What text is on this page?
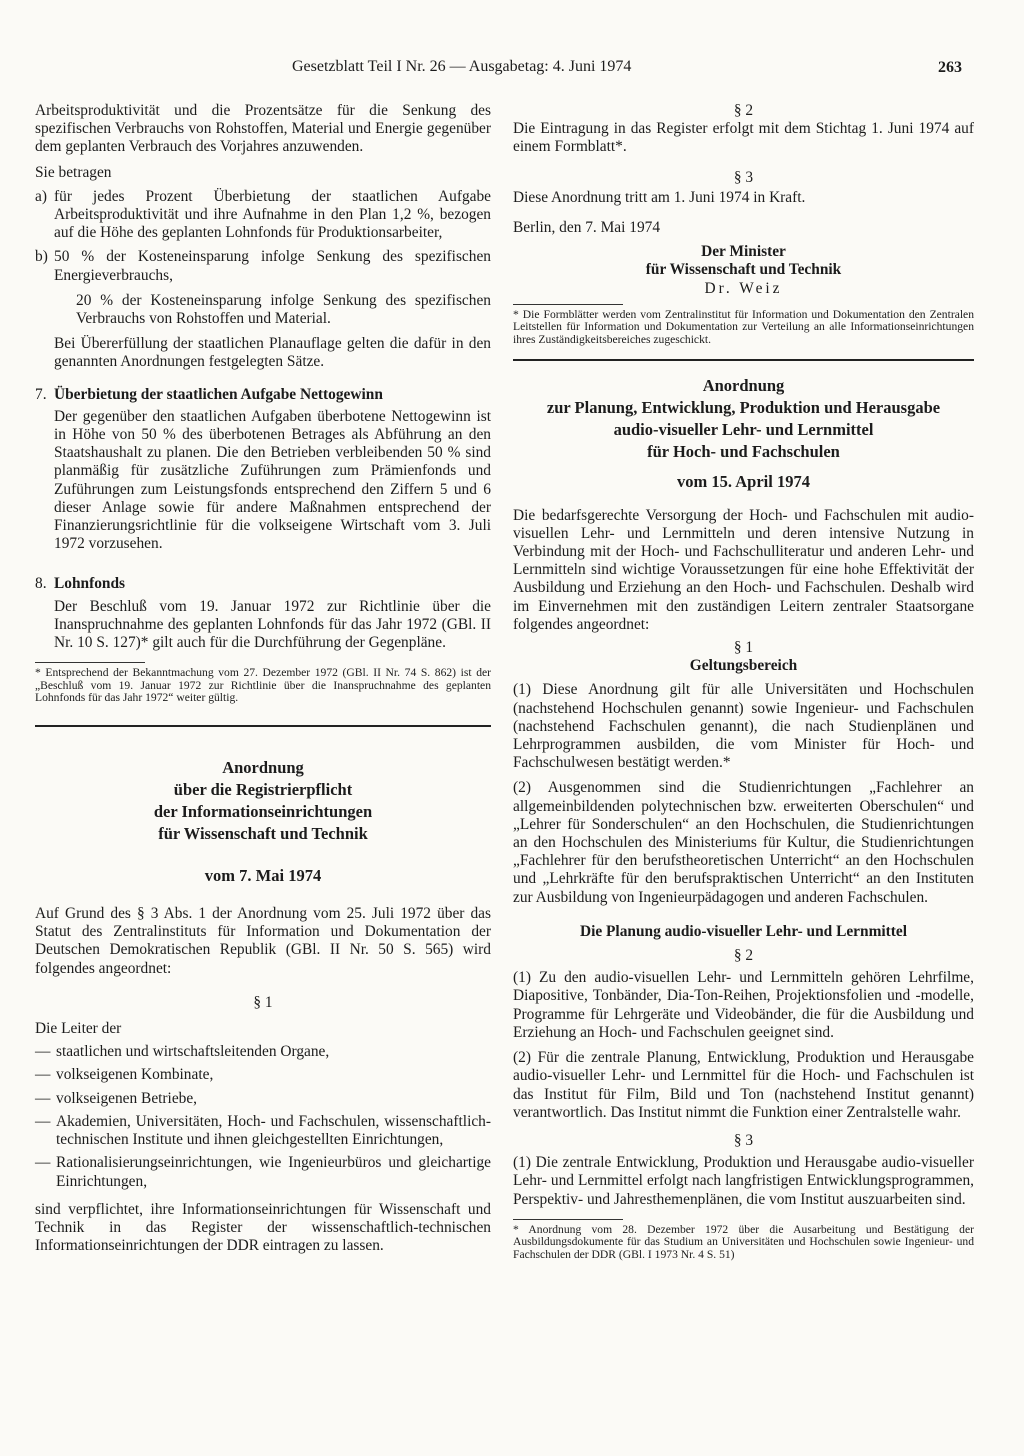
Gesetzblatt Teil I Nr. 26 — Ausgabetag: 4. Juni 1974	263

Arbeitsproduktivität und die Prozentsätze für die Senkung des spezifischen Verbrauchs von Rohstoffen, Material und Energie gegenüber dem geplanten Verbrauch des Vorjahres anzuwenden.

Sie betragen

a) für jedes Prozent Überbietung der staatlichen Aufgabe Arbeitsproduktivität und ihre Aufnahme in den Plan 1,2 %, bezogen auf die Höhe des geplanten Lohnfonds für Produktionsarbeiter,
b) 50 % der Kosteneinsparung infolge Senkung des spezifischen Energieverbrauchs,

20 % der Kosteneinsparung infolge Senkung des spezifischen Verbrauchs von Rohstoffen und Material.

Bei Übererfüllung der staatlichen Planauflage gelten die dafür in den genannten Anordnungen festgelegten Sätze.

7. Überbietung der staatlichen Aufgabe Nettogewinn

Der gegenüber den staatlichen Aufgaben überbotene Nettogewinn ist in Höhe von 50 % des überbotenen Betrages als Abführung an den Staatshaushalt zu planen. Die den Betrieben verbleibenden 50 % sind planmäßig für zusätzliche Zuführungen zum Prämienfonds und Zuführungen zum Leistungsfonds entsprechend den Ziffern 5 und 6 dieser Anlage sowie für andere Maßnahmen entsprechend der Finanzierungsrichtlinie für die volkseigene Wirtschaft vom 3. Juli 1972 vorzusehen.

8. Lohnfonds

Der Beschluß vom 19. Januar 1972 zur Richtlinie über die Inanspruchnahme des geplanten Lohnfonds für das Jahr 1972 (GBl. II Nr. 10 S. 127)* gilt auch für die Durchführung der Gegenpläne.

* Entsprechend der Bekanntmachung vom 27. Dezember 1972 (GBl. II Nr. 74 S. 862) ist der „Beschluß vom 19. Januar 1972 zur Richtlinie über die Inanspruchnahme des geplanten Lohnfonds für das Jahr 1972“ weiter gültig.

Anordnung
über die Registrierpflicht
der Informationseinrichtungen
für Wissenschaft und Technik
vom 7. Mai 1974

Auf Grund des § 3 Abs. 1 der Anordnung vom 25. Juli 1972 über das Statut des Zentralinstituts für Information und Dokumentation der Deutschen Demokratischen Republik (GBl. II Nr. 50 S. 565) wird folgendes angeordnet:

§ 1

Die Leiter der

— staatlichen und wirtschaftsleitenden Organe,
— volkseigenen Kombinate,
— volkseigenen Betriebe,
— Akademien, Universitäten, Hoch- und Fachschulen, wissenschaftlich-technischen Institute und ihnen gleichgestellten Einrichtungen,
— Rationalisierungseinrichtungen, wie Ingenieurbüros und gleichartige Einrichtungen,

sind verpflichtet, ihre Informationseinrichtungen für Wissenschaft und Technik in das Register der wissenschaftlich-technischen Informationseinrichtungen der DDR eintragen zu lassen.

§ 2

Die Eintragung in das Register erfolgt mit dem Stichtag 1. Juni 1974 auf einem Formblatt*.

§ 3

Diese Anordnung tritt am 1. Juni 1974 in Kraft.

Berlin, den 7. Mai 1974

Der Minister
für Wissenschaft und Technik
Dr. Weiz

* Die Formblätter werden vom Zentralinstitut für Information und Dokumentation den Zentralen Leitstellen für Information und Dokumentation zur Verteilung an alle Informationseinrichtungen ihres Zuständigkeitsbereiches zugeschickt.

Anordnung
zur Planung, Entwicklung, Produktion und Herausgabe
audio-visueller Lehr- und Lernmittel
für Hoch- und Fachschulen
vom 15. April 1974

Die bedarfsgerechte Versorgung der Hoch- und Fachschulen mit audio-visuellen Lehr- und Lernmitteln und deren intensive Nutzung in Verbindung mit der Hoch- und Fachschulliteratur und anderen Lehr- und Lernmitteln sind wichtige Voraussetzungen für eine hohe Effektivität der Ausbildung und Erziehung an den Hoch- und Fachschulen. Deshalb wird im Einvernehmen mit den zuständigen Leitern zentraler Staatsorgane folgendes angeordnet:

§ 1

Geltungsbereich

(1) Diese Anordnung gilt für alle Universitäten und Hochschulen (nachstehend Hochschulen genannt) sowie Ingenieur- und Fachschulen (nachstehend Fachschulen genannt), die nach Studienplänen und Lehrprogrammen ausbilden, die vom Minister für Hoch- und Fachschulwesen bestätigt werden.*

(2) Ausgenommen sind die Studienrichtungen „Fachlehrer an allgemeinbildenden polytechnischen bzw. erweiterten Oberschulen“ und „Lehrer für Sonderschulen“ an den Hochschulen, die Studienrichtungen an den Hochschulen des Ministeriums für Kultur, die Studienrichtungen „Fachlehrer für den berufstheoretischen Unterricht“ an den Hochschulen und „Lehrkräfte für den berufspraktischen Unterricht“ an den Instituten zur Ausbildung von Ingenieurpädagogen und anderen Fachschulen.

Die Planung audio-visueller Lehr- und Lernmittel

§ 2

(1) Zu den audio-visuellen Lehr- und Lernmitteln gehören Lehrfilme, Diapositive, Tonbänder, Dia-Ton-Reihen, Projektionsfolien und -modelle, Programme für Lehrgeräte und Videobänder, die für die Ausbildung und Erziehung an Hoch- und Fachschulen geeignet sind.

(2) Für die zentrale Planung, Entwicklung, Produktion und Herausgabe audio-visueller Lehr- und Lernmittel für die Hoch- und Fachschulen ist das Institut für Film, Bild und Ton (nachstehend Institut genannt) verantwortlich. Das Institut nimmt die Funktion einer Zentralstelle wahr.

§ 3

(1) Die zentrale Entwicklung, Produktion und Herausgabe audio-visueller Lehr- und Lernmittel erfolgt nach langfristigen Entwicklungsprogrammen, Perspektiv- und Jahresthemenplänen, die vom Institut auszuarbeiten sind.

* Anordnung vom 28. Dezember 1972 über die Ausarbeitung und Bestätigung der Ausbildungsdokumente für das Studium an Universitäten und Hochschulen sowie Ingenieur- und Fachschulen der DDR (GBl. I 1973 Nr. 4 S. 51)
